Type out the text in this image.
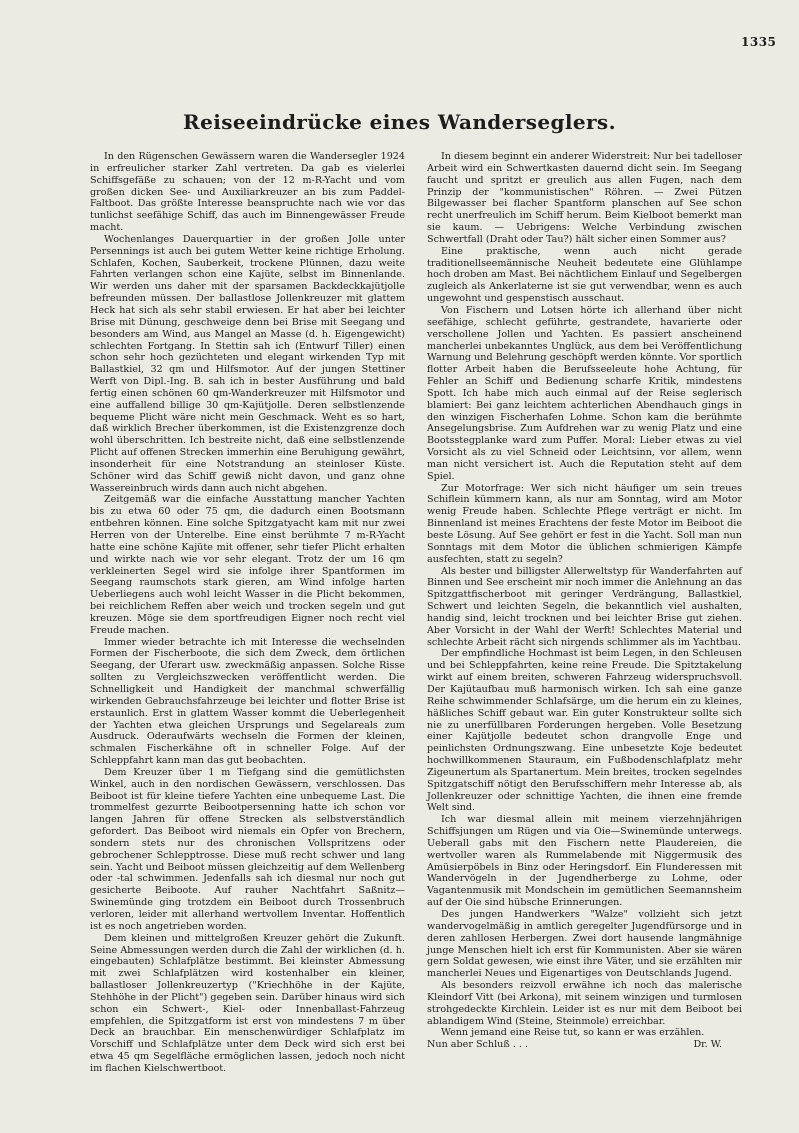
1335
Reiseeindrücke eines Wanderseglers.

In den Rügenschen Gewässern waren die Wandersegler 1924 in erfreulicher starker Zahl vertreten. Da gab es vielerlei Schiffsgefäße zu schauen; von der 12 m-R-Yacht und vom großen dicken See- und Auxiliarkreuzer an bis zum Paddel-Faltboot. Das größte Interesse beanspruchte nach wie vor das tunlichst seefähige Schiff, das auch im Binnengewässer Freude macht.

Wochenlanges Dauerquartier in der großen Jolle unter Persennings ist auch bei gutem Wetter keine richtige Erholung. Schlafen, Kochen, Sauberkeit, trockene Plünnen, dazu weite Fahrten verlangen schon eine Kajüte, selbst im Binnenlande. Wir werden uns daher mit der sparsamen Backdeckkajütjolle befreunden müssen. Der ballastlose Jollenkreuzer mit glattem Heck hat sich als sehr stabil erwiesen. Er hat aber bei leichter Brise mit Dünung, geschweige denn bei Brise mit Seegang und besonders am Wind, aus Mangel an Masse (d. h. Eigengewicht) schlechten Fortgang. In Stettin sah ich (Entwurf Tiller) einen schon sehr hoch gezüchteten und elegant wirkenden Typ mit Ballastkiel, 32 qm und Hilfsmotor. Auf der jungen Stettiner Werft von Dipl.-Ing. B. sah ich in bester Ausführung und bald fertig einen schönen 60 qm-Wanderkreuzer mit Hilfsmotor und eine auffallend billige 30 qm-Kajütjolle. Deren selbstlenzende bequeme Plicht wäre nicht mein Geschmack. Weht es so hart, daß wirklich Brecher überkommen, ist die Existenzgrenze doch wohl überschritten. Ich bestreite nicht, daß eine selbstlenzende Plicht auf offenen Strecken immerhin eine Beruhigung gewährt, insonderheit für eine Notstrandung an steinloser Küste. Schöner wird das Schiff gewiß nicht davon, und ganz ohne Wassereinbruch wirds dann auch nicht abgehen.

Zeitgemäß war die einfache Ausstattung mancher Yachten bis zu etwa 60 oder 75 qm, die dadurch einen Bootsmann entbehren können. Eine solche Spitzgatyacht kam mit nur zwei Herren von der Unterelbe. Eine einst berühmte 7 m-R-Yacht hatte eine schöne Kajüte mit offener, sehr tiefer Plicht erhalten und wirkte nach wie vor sehr elegant. Trotz der um 16 qm verkleinerten Segel wird sie infolge ihrer Spantformen im Seegang raumschots stark gieren, am Wind infolge harten Ueberliegens auch wohl leicht Wasser in die Plicht bekommen, bei reichlichem Reffen aber weich und trocken segeln und gut kreuzen. Möge sie dem sportfreudigen Eigner noch recht viel Freude machen.

Immer wieder betrachte ich mit Interesse die wechselnden Formen der Fischerboote, die sich dem Zweck, dem örtlichen Seegang, der Uferart usw. zweckmäßig anpassen. Solche Risse sollten zu Vergleichszwecken veröffentlicht werden. Die Schnelligkeit und Handigkeit der manchmal schwerfällig wirkenden Gebrauchsfahrzeuge bei leichter und flotter Brise ist erstaunlich. Erst in glattem Wasser kommt die Ueberlegenheit der Yachten etwa gleichen Ursprungs und Segelareals zum Ausdruck. Oderaufwärts wechseln die Formen der kleinen, schmalen Fischerkähne oft in schneller Folge. Auf der Schleppfahrt kann man das gut beobachten.

Dem Kreuzer über 1 m Tiefgang sind die gemütlichsten Winkel, auch in den nordischen Gewässern, verschlossen. Das Beiboot ist für kleine tiefere Yachten eine unbequeme Last. Die trommelfest gezurrte Beibootpersenning hatte ich schon vor langen Jahren für offene Strecken als selbstverständlich gefordert. Das Beiboot wird niemals ein Opfer von Brechern, sondern stets nur des chronischen Vollspritzens oder gebrochener Schlepptrosse. Diese muß recht schwer und lang sein. Yacht und Beiboot müssen gleichzeitig auf dem Wellenberg oder -tal schwimmen. Jedenfalls sah ich diesmal nur noch gut gesicherte Beiboote. Auf rauher Nachtfahrt Saßnitz—Swinemünde ging trotzdem ein Beiboot durch Trossenbruch verloren, leider mit allerhand wertvollem Inventar. Hoffentlich ist es noch angetrieben worden.

Dem kleinen und mittelgroßen Kreuzer gehört die Zukunft. Seine Abmessungen werden durch die Zahl der wirklichen (d. h. eingebauten) Schlafplätze bestimmt. Bei kleinster Abmessung mit zwei Schlafplätzen wird kostenhalber ein kleiner, ballastloser Jollenkreuzertyp ("Kriechhöhe in der Kajüte, Stehhöhe in der Plicht") gegeben sein. Darüber hinaus wird sich schon ein Schwert-, Kiel- oder Innenballast-Fahrzeug empfehlen, die Spitzgatform ist erst von mindestens 7 m über Deck an brauchbar. Ein menschenwürdiger Schlafplatz im Vorschiff und Schlafplätze unter dem Deck wird sich erst bei etwa 45 qm Segelfläche ermöglichen lassen, jedoch noch nicht im flachen Kielschwertboot.

In diesem beginnt ein anderer Widerstreit: Nur bei tadelloser Arbeit wird ein Schwertkasten dauernd dicht sein. Im Seegang faucht und spritzt er greulich aus allen Fugen, nach dem Prinzip der "kommunistischen" Röhren. — Zwei Pützen Bilgewasser bei flacher Spantform planschen auf See schon recht unerfreulich im Schiff herum. Beim Kielboot bemerkt man sie kaum. — Uebrigens: Welche Verbindung zwischen Schwertfall (Draht oder Tau?) hält sicher einen Sommer aus?

Eine praktische, wenn auch nicht gerade traditionellseemännische Neuheit bedeutete eine Glühlampe hoch droben am Mast. Bei nächtlichem Einlauf und Segelbergen zugleich als Ankerlaterne ist sie gut verwendbar, wenn es auch ungewohnt und gespenstisch ausschaut.

Von Fischern und Lotsen hörte ich allerhand über nicht seefähige, schlecht geführte, gestrandete, havarierte oder verschollene Jollen und Yachten. Es passiert anscheinend mancherlei unbekanntes Unglück, aus dem bei Veröffentlichung Warnung und Belehrung geschöpft werden könnte. Vor sportlich flotter Arbeit haben die Berufsseeleute hohe Achtung, für Fehler an Schiff und Bedienung scharfe Kritik, mindestens Spott. Ich habe mich auch einmal auf der Reise seglerisch blamiert: Bei ganz leichtem achterlichen Abendhauch gings in den winzigen Fischerhafen Lohme. Schon kam die berühmte Ansegelungsbrise. Zum Aufdrehen war zu wenig Platz und eine Bootsstegplanke ward zum Puffer. Moral: Lieber etwas zu viel Vorsicht als zu viel Schneid oder Leichtsinn, vor allem, wenn man nicht versichert ist. Auch die Reputation steht auf dem Spiel.

Zur Motorfrage: Wer sich nicht häufiger um sein treues Schiflein kümmern kann, als nur am Sonntag, wird am Motor wenig Freude haben. Schlechte Pflege verträgt er nicht. Im Binnenland ist meines Erachtens der feste Motor im Beiboot die beste Lösung. Auf See gehört er fest in die Yacht. Soll man nun Sonntags mit dem Motor die üblichen schmierigen Kämpfe ausfechten, statt zu segeln?

Als bester und billigster Allerweltstyp für Wanderfahrten auf Binnen und See erscheint mir noch immer die Anlehnung an das Spitzgattfischerboot mit geringer Verdrängung, Ballastkiel, Schwert und leichten Segeln, die bekanntlich viel aushalten, handig sind, leicht trocknen und bei leichter Brise gut ziehen. Aber Vorsicht in der Wahl der Werft! Schlechtes Material und schlechte Arbeit rächt sich nirgends schlimmer als im Yachtbau.

Der empfindliche Hochmast ist beim Legen, in den Schleusen und bei Schleppfahrten, keine reine Freude. Die Spitztakelung wirkt auf einem breiten, schweren Fahrzeug widerspruchsvoll. Der Kajütaufbau muß harmonisch wirken. Ich sah eine ganze Reihe schwimmender Schlafsärge, um die herum ein zu kleines, häßliches Schiff gebaut war. Ein guter Konstrukteur sollte sich nie zu unerfüllbaren Forderungen hergeben. Volle Besetzung einer Kajütjolle bedeutet schon drangvolle Enge und peinlichsten Ordnungszwang. Eine unbesetzte Koje bedeutet hochwillkommenen Stauraum, ein Fußbodenschlafplatz mehr Zigeunertum als Spartanertum. Mein breites, trocken segelndes Spitzgatschiff nötigt den Berufsschiffern mehr Interesse ab, als Jollenkreuzer oder schnittige Yachten, die ihnen eine fremde Welt sind.

Ich war diesmal allein mit meinem vierzehnjährigen Schiffsjungen um Rügen und via Oie—Swinemünde unterwegs. Ueberall gabs mit den Fischern nette Plaudereien, die wertvoller waren als Rummelabende mit Niggermusik des Amüsierpöbels in Binz oder Heringsdorf. Ein Flunderessen mit Wandervögeln in der Jugendherberge zu Lohme, oder Vagantenmusik mit Mondschein im gemütlichen Seemannsheim auf der Oie sind hübsche Erinnerungen.

Des jungen Handwerkers "Walze" vollzieht sich jetzt wandervogelmäßig in amtlich geregelter Jugendfürsorge und in deren zahllosen Herbergen. Zwei dort hausende langmähnige junge Menschen hielt ich erst für Kommunisten. Aber sie wären gern Soldat gewesen, wie einst ihre Väter, und sie erzählten mir mancherlei Neues und Eigenartiges von Deutschlands Jugend.

Als besonders reizvoll erwähne ich noch das malerische Kleindorf Vitt (bei Arkona), mit seinem winzigen und turmlosen strohgedeckte Kirchlein. Leider ist es nur mit dem Beiboot bei ablandigem Wind (Steine, Steinmole) erreichbar.

Wenn jemand eine Reise tut, so kann er was erzählen.

Dr. W.
Nun aber Schluß . . .
